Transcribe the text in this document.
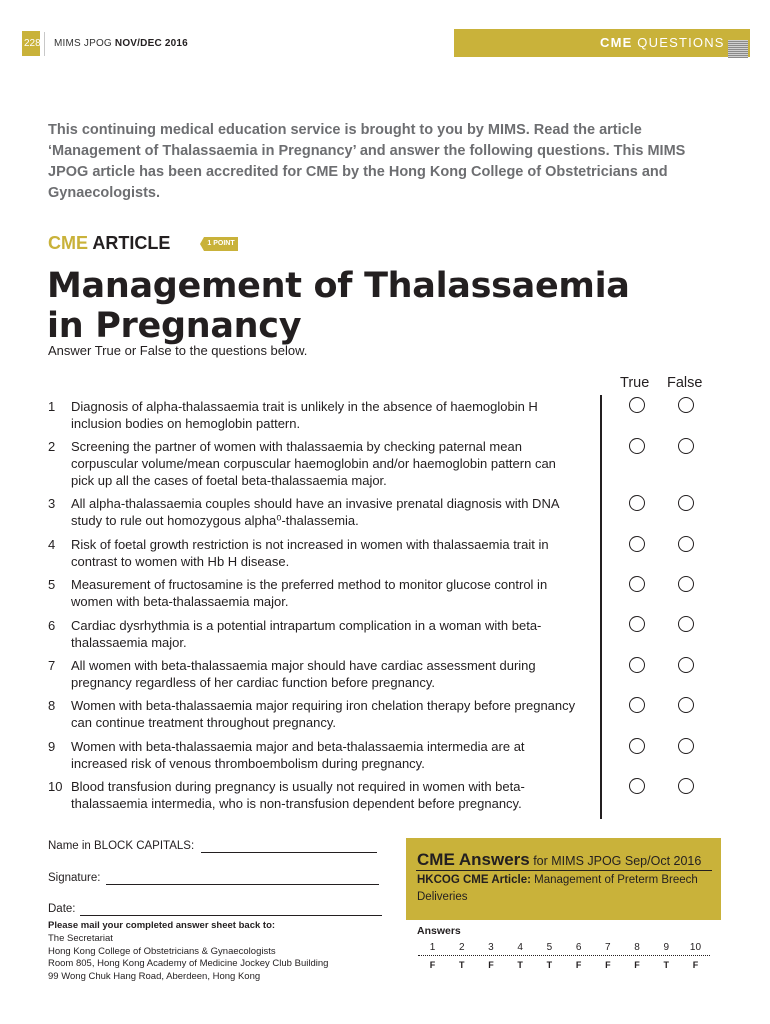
228 MIMS JPOG NOV/DEC 2016	CME QUESTIONS
This continuing medical education service is brought to you by MIMS. Read the article ‘Management of Thalassaemia in Pregnancy’ and answer the following questions. This MIMS JPOG article has been accredited for CME by the Hong Kong College of Obstetricians and Gynaecologists.
CME ARTICLE	1 POINT
Management of Thalassaemia
in Pregnancy
Answer True or False to the questions below.
True False
1	Diagnosis of alpha-thalassaemia trait is unlikely in the absence of haemoglobin H inclusion bodies on hemoglobin pattern.
2	Screening the partner of women with thalassaemia by checking paternal mean corpuscular volume/mean corpuscular haemoglobin and/or haemoglobin pattern can pick up all the cases of foetal beta-thalassaemia major.
3	All alpha-thalassaemia couples should have an invasive prenatal diagnosis with DNA study to rule out homozygous alpha⁰-thalassemia.
4	Risk of foetal growth restriction is not increased in women with thalassaemia trait in contrast to women with Hb H disease.
5	Measurement of fructosamine is the preferred method to monitor glucose control in women with beta-thalassaemia major.
6	Cardiac dysrhythmia is a potential intrapartum complication in a woman with beta-thalassaemia major.
7	All women with beta-thalassaemia major should have cardiac assessment during pregnancy regardless of her cardiac function before pregnancy.
8	Women with beta-thalassaemia major requiring iron chelation therapy before pregnancy can continue treatment throughout pregnancy.
9	Women with beta-thalassaemia major and beta-thalassaemia intermedia are at increased risk of venous thromboembolism during pregnancy.
10 Blood transfusion during pregnancy is usually not required in women with beta-thalassaemia intermedia, who is non-transfusion dependent before pregnancy.
Name in BLOCK CAPITALS:
Signature:
Date:
Please mail your completed answer sheet back to:
The Secretariat
Hong Kong College of Obstetricians & Gynaecologists
Room 805, Hong Kong Academy of Medicine Jockey Club Building
99 Wong Chuk Hang Road, Aberdeen, Hong Kong
CME Answers for MIMS JPOG Sep/Oct 2016
HKCOG CME Article: Management of Preterm Breech Deliveries
Answers
1	2	3	4	5	6	7	8	9	10
F	T	F	T	T	F	F	F	T	F
